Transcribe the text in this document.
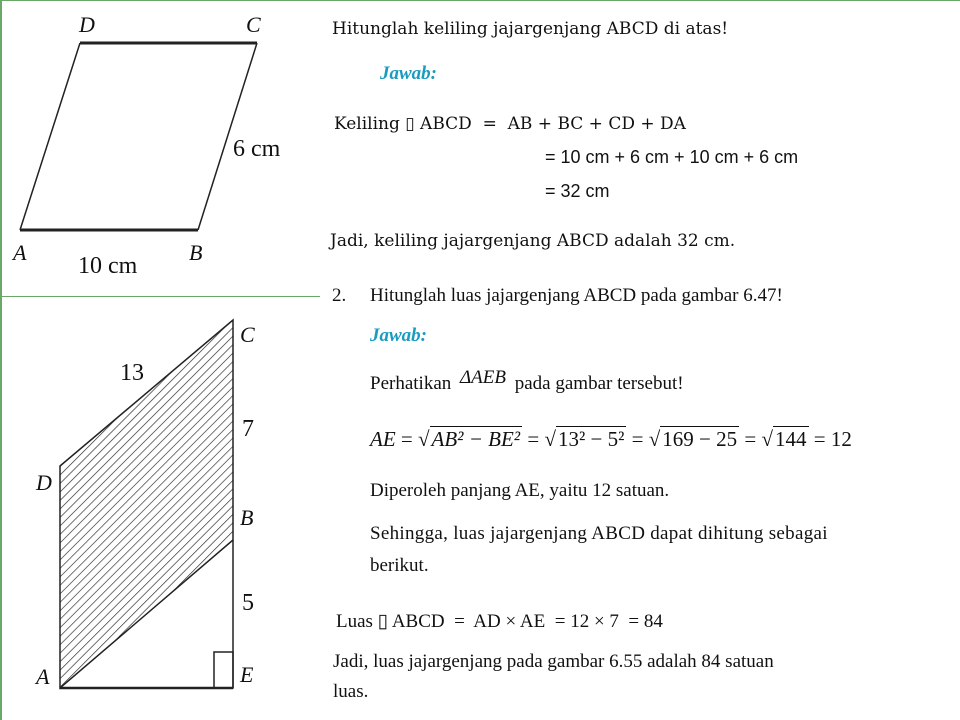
D	C
A	B
6 cm
10 cm
C
D
B
A	E
13
7
5
Hitunglah keliling jajargenjang ABCD di atas!
Jawab:
Keliling ▯ ABCD  =  AB + BC + CD + DA
= 10 cm + 6 cm + 10 cm + 6 cm
= 32 cm
Jadi, keliling jajargenjang ABCD adalah 32 cm.
2. Hitunglah luas jajargenjang ABCD pada gambar 6.47!
Jawab:
Perhatikan ΔAEB pada gambar tersebut!
AE = √AB² − BE² = √13² − 5² = √169 − 25 = √144 = 12
Diperoleh panjang AE, yaitu 12 satuan.
Sehingga, luas jajargenjang ABCD dapat dihitung sebagai
berikut.
Luas ▯ ABCD  =  AD × AE  = 12 × 7  = 84
Jadi, luas jajargenjang pada gambar 6.55 adalah 84 satuan
luas.
